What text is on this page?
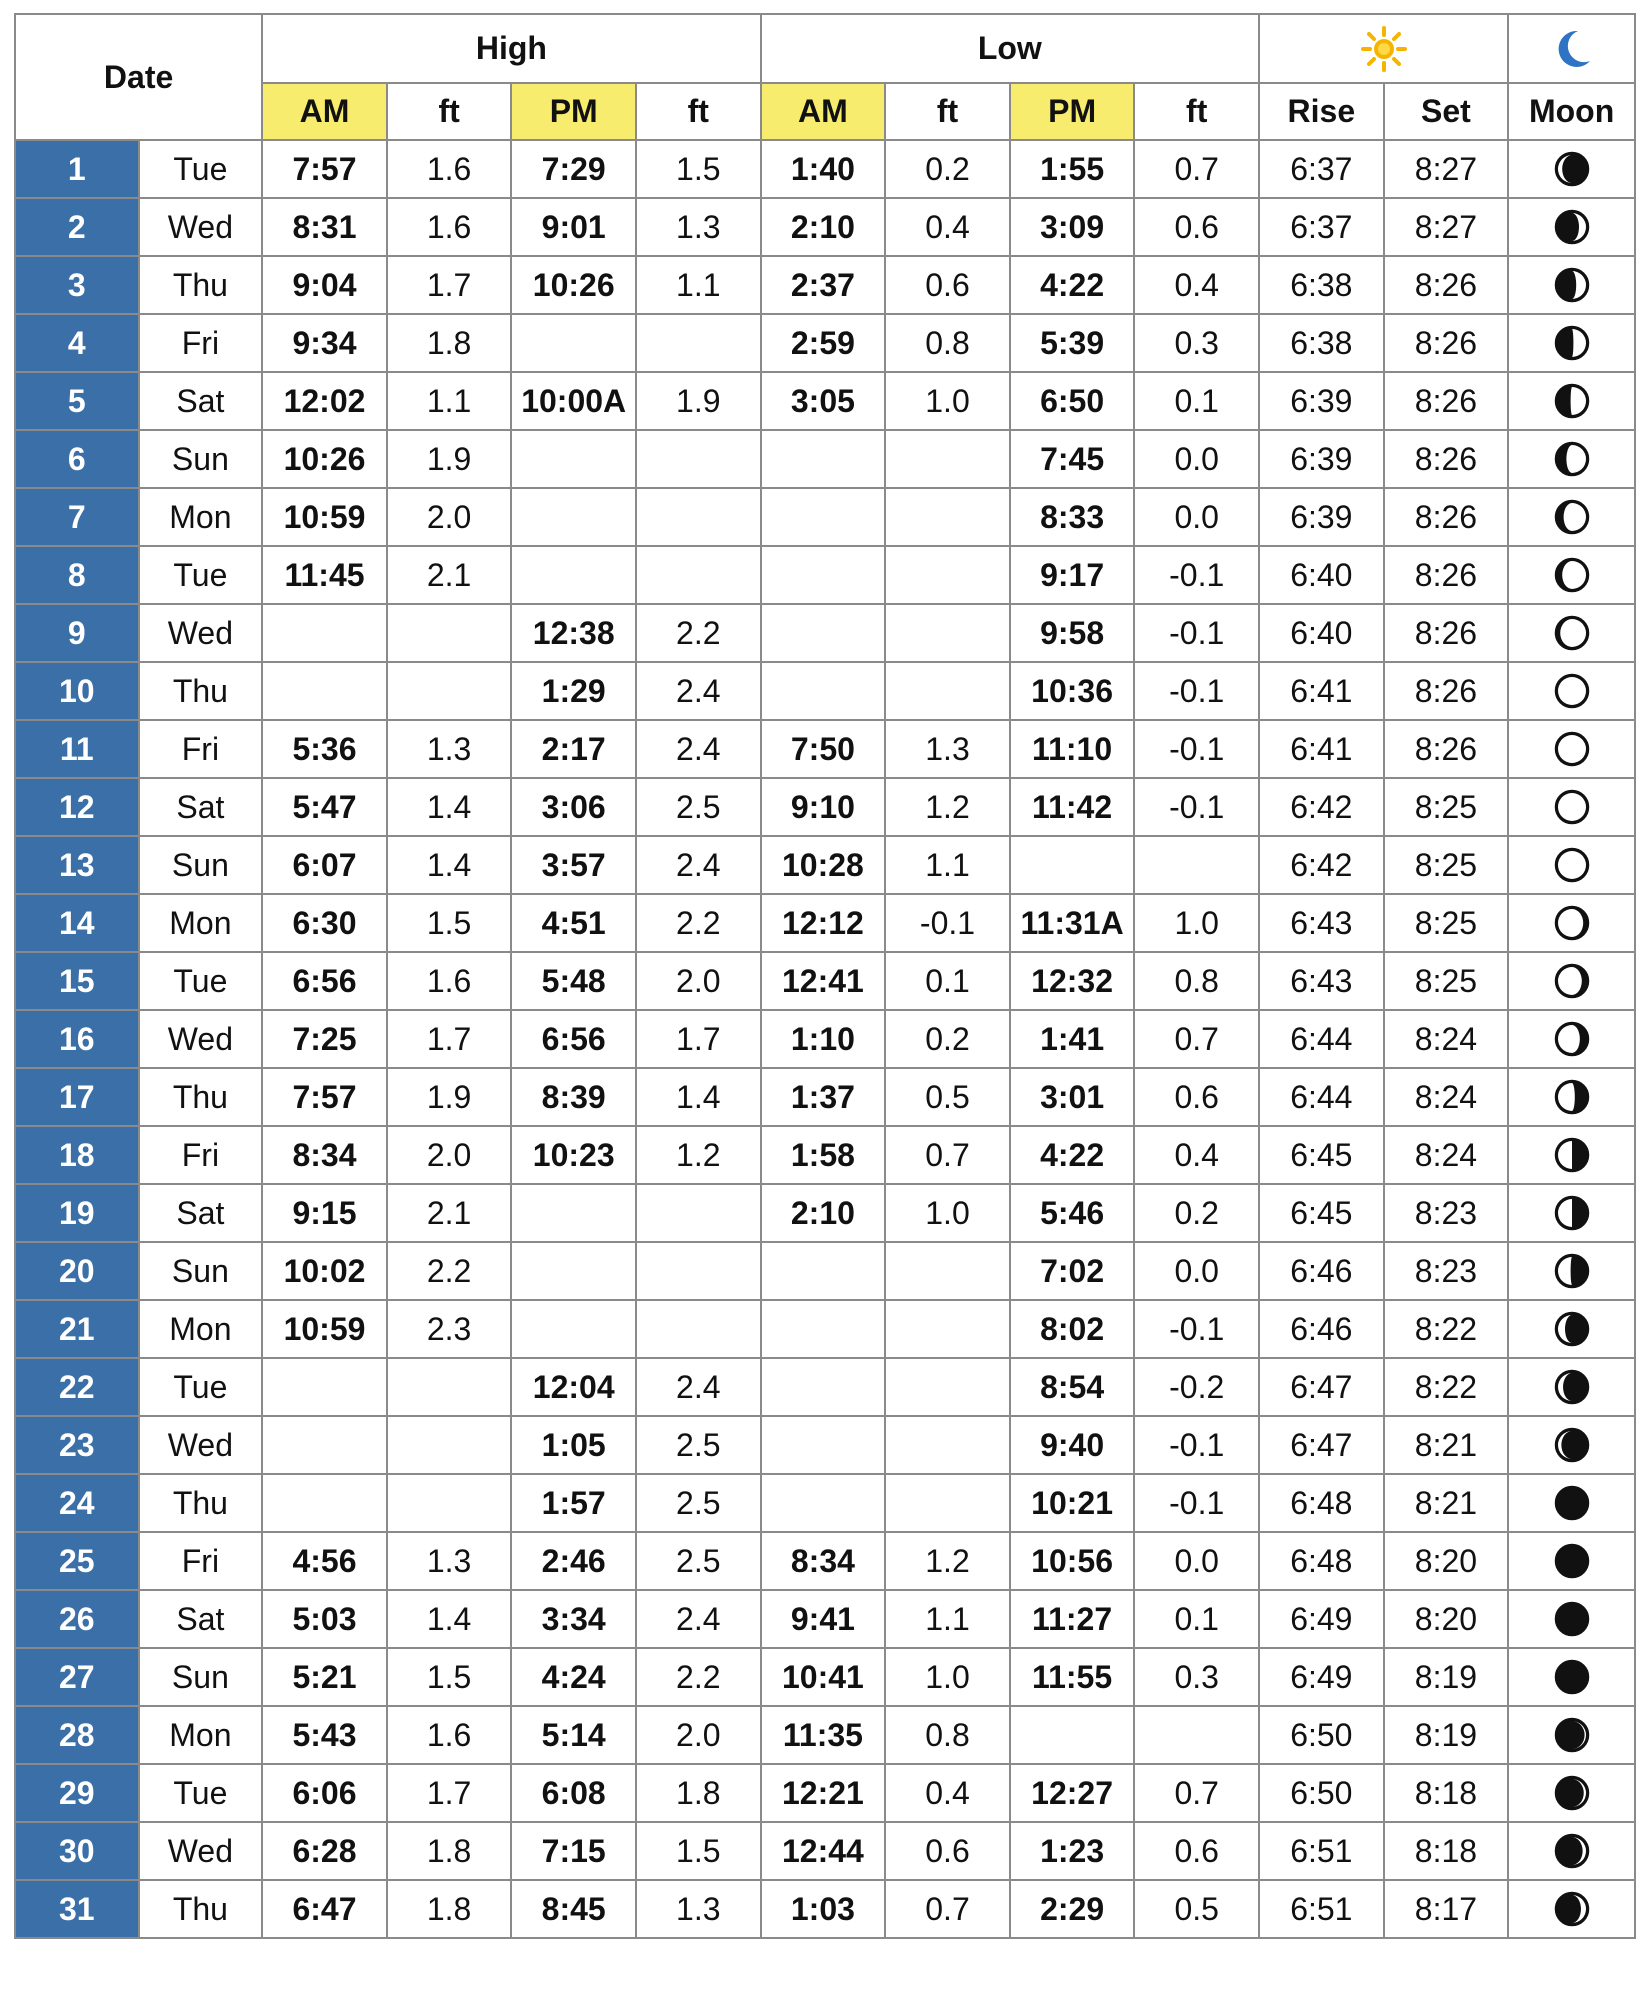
Date		High				Low	

		AM	ft	PM	ft	AM	ft	PM	ft	Rise	Set	Moon
1	Tue	7:57	1.6	7:29	1.5	1:40	0.2	1:55	0.7	6:37	8:27	

2	Wed	8:31	1.6	9:01	1.3	2:10	0.4	3:09	0.6	6:37	8:27	

3	Thu	9:04	1.7	10:26	1.1	2:37	0.6	4:22	0.4	6:38	8:26	

4	Fri	9:34	1.8			2:59	0.8	5:39	0.3	6:38	8:26	

5	Sat	12:02	1.1	10:00A	1.9	3:05	1.0	6:50	0.1	6:39	8:26	

6	Sun	10:26	1.9					7:45	0.0	6:39	8:26	

7	Mon	10:59	2.0					8:33	0.0	6:39	8:26	

8	Tue	11:45	2.1					9:17	-0.1	6:40	8:26	

9	Wed			12:38	2.2			9:58	-0.1	6:40	8:26	

10	Thu			1:29	2.4			10:36	-0.1	6:41	8:26	

11	Fri	5:36	1.3	2:17	2.4	7:50	1.3	11:10	-0.1	6:41	8:26	

12	Sat	5:47	1.4	3:06	2.5	9:10	1.2	11:42	-0.1	6:42	8:25	

13	Sun	6:07	1.4	3:57	2.4	10:28	1.1			6:42	8:25	

14	Mon	6:30	1.5	4:51	2.2	12:12	-0.1	11:31A	1.0	6:43	8:25	

15	Tue	6:56	1.6	5:48	2.0	12:41	0.1	12:32	0.8	6:43	8:25	

16	Wed	7:25	1.7	6:56	1.7	1:10	0.2	1:41	0.7	6:44	8:24	

17	Thu	7:57	1.9	8:39	1.4	1:37	0.5	3:01	0.6	6:44	8:24	

18	Fri	8:34	2.0	10:23	1.2	1:58	0.7	4:22	0.4	6:45	8:24	

19	Sat	9:15	2.1			2:10	1.0	5:46	0.2	6:45	8:23	

20	Sun	10:02	2.2					7:02	0.0	6:46	8:23	

21	Mon	10:59	2.3					8:02	-0.1	6:46	8:22	

22	Tue			12:04	2.4			8:54	-0.2	6:47	8:22	

23	Wed			1:05	2.5			9:40	-0.1	6:47	8:21	

24	Thu			1:57	2.5			10:21	-0.1	6:48	8:21	

25	Fri	4:56	1.3	2:46	2.5	8:34	1.2	10:56	0.0	6:48	8:20	

26	Sat	5:03	1.4	3:34	2.4	9:41	1.1	11:27	0.1	6:49	8:20	

27	Sun	5:21	1.5	4:24	2.2	10:41	1.0	11:55	0.3	6:49	8:19	

28	Mon	5:43	1.6	5:14	2.0	11:35	0.8			6:50	8:19	

29	Tue	6:06	1.7	6:08	1.8	12:21	0.4	12:27	0.7	6:50	8:18	

30	Wed	6:28	1.8	7:15	1.5	12:44	0.6	1:23	0.6	6:51	8:18	

31	Thu	6:47	1.8	8:45	1.3	1:03	0.7	2:29	0.5	6:51	8:17	
